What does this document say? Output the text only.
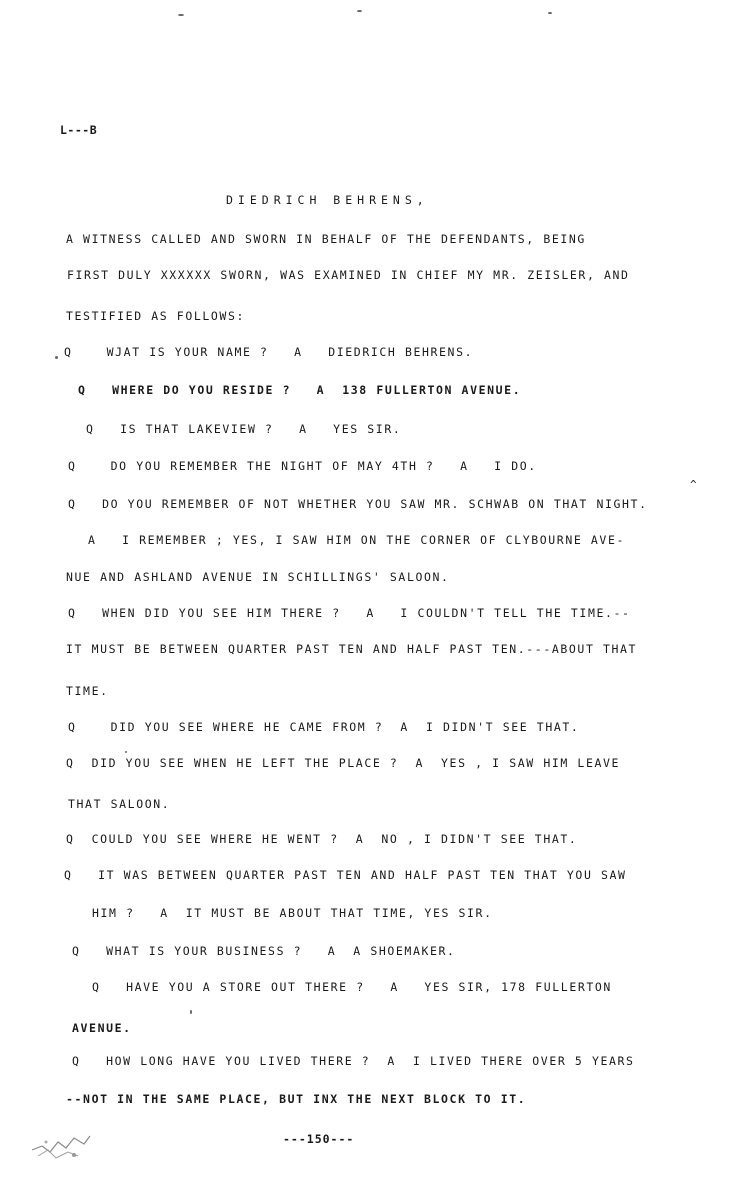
L---B
DIEDRICH BEHRENS,
A WITNESS CALLED AND SWORN IN BEHALF OF THE DEFENDANTS, BEING
FIRST DULY XXXXXX SWORN, WAS EXAMINED IN CHIEF MY MR. ZEISLER, AND
TESTIFIED AS FOLLOWS:
Q    WJAT IS YOUR NAME ?   A   DIEDRICH BEHRENS.
Q   WHERE DO YOU RESIDE ?   A  138 FULLERTON AVENUE.
Q   IS THAT LAKEVIEW ?   A   YES SIR.
Q    DO YOU REMEMBER THE NIGHT OF MAY 4TH ?   A   I DO.
Q   DO YOU REMEMBER OF NOT WHETHER YOU SAW MR. SCHWAB ON THAT NIGHT.
A   I REMEMBER ; YES, I SAW HIM ON THE CORNER OF CLYBOURNE AVE-
NUE AND ASHLAND AVENUE IN SCHILLINGS' SALOON.
Q   WHEN DID YOU SEE HIM THERE ?   A   I COULDN'T TELL THE TIME.--
IT MUST BE BETWEEN QUARTER PAST TEN AND HALF PAST TEN.---ABOUT THAT
TIME.
Q    DID YOU SEE WHERE HE CAME FROM ?  A  I DIDN'T SEE THAT.
Q  DID YOU SEE WHEN HE LEFT THE PLACE ?  A  YES , I SAW HIM LEAVE
THAT SALOON.
Q  COULD YOU SEE WHERE HE WENT ?  A  NO , I DIDN'T SEE THAT.
Q   IT WAS BETWEEN QUARTER PAST TEN AND HALF PAST TEN THAT YOU SAW
HIM ?   A  IT MUST BE ABOUT THAT TIME, YES SIR.
Q   WHAT IS YOUR BUSINESS ?   A  A SHOEMAKER.
Q   HAVE YOU A STORE OUT THERE ?   A   YES SIR, 178 FULLERTON
AVENUE.
Q   HOW LONG HAVE YOU LIVED THERE ?  A  I LIVED THERE OVER 5 YEARS
--NOT IN THE SAME PLACE, BUT INX THE NEXT BLOCK TO IT.
---150---
^
